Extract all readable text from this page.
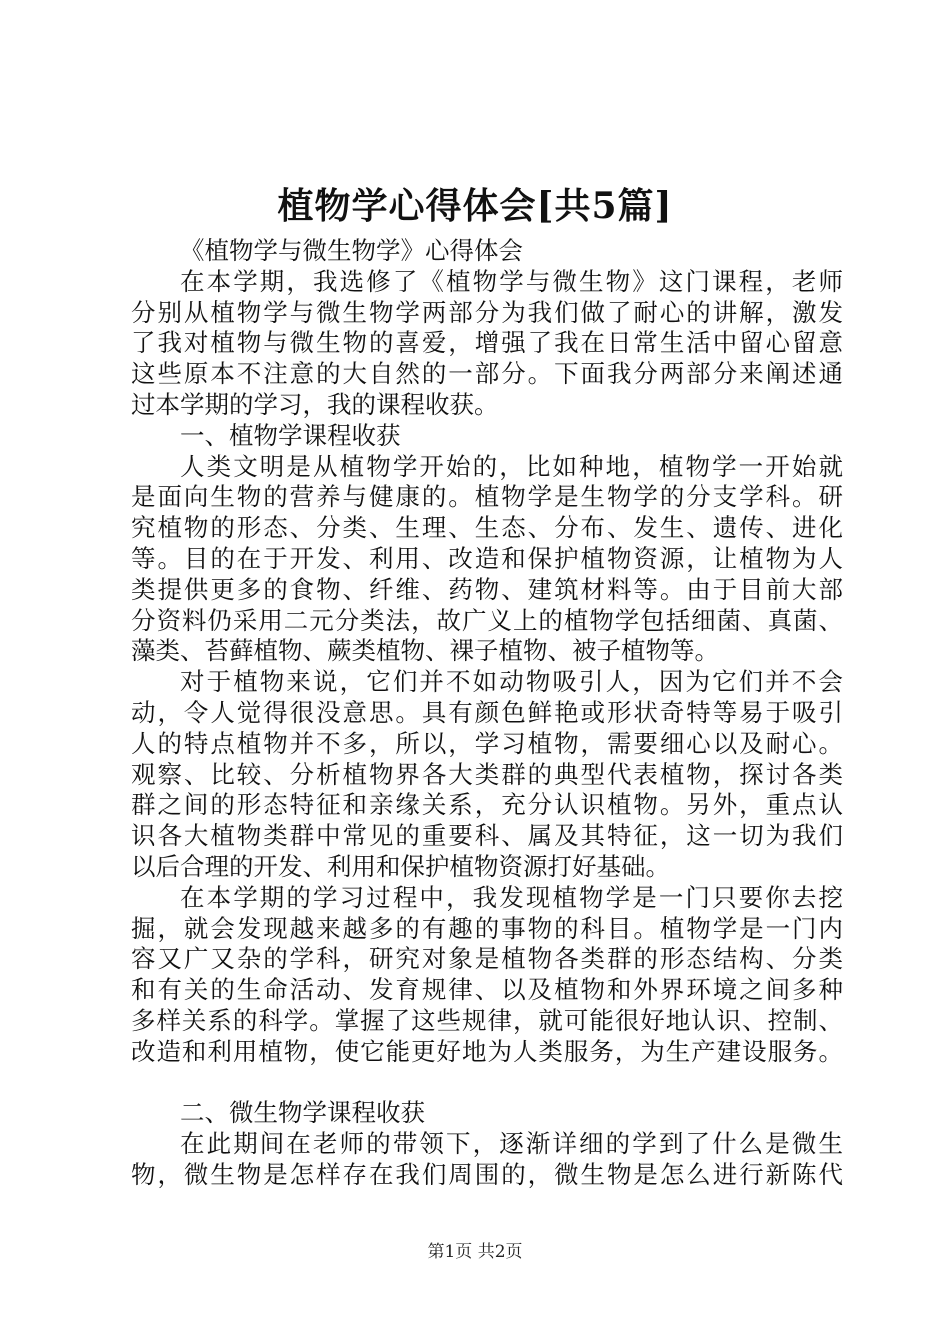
植物学心得体会[共5篇]
《植物学与微生物学》心得体会
在本学期，我选修了《植物学与微生物》这门课程，老师
分别从植物学与微生物学两部分为我们做了耐心的讲解，激发
了我对植物与微生物的喜爱，增强了我在日常生活中留心留意
这些原本不注意的大自然的一部分。下面我分两部分来阐述通
过本学期的学习，我的课程收获。
一、植物学课程收获
人类文明是从植物学开始的，比如种地，植物学一开始就
是面向生物的营养与健康的。植物学是生物学的分支学科。研
究植物的形态、分类、生理、生态、分布、发生、遗传、进化
等。目的在于开发、利用、改造和保护植物资源，让植物为人
类提供更多的食物、纤维、药物、建筑材料等。由于目前大部
分资料仍采用二元分类法，故广义上的植物学包括细菌、真菌、
藻类、苔藓植物、蕨类植物、裸子植物、被子植物等。
对于植物来说，它们并不如动物吸引人，因为它们并不会
动，令人觉得很没意思。具有颜色鲜艳或形状奇特等易于吸引
人的特点植物并不多，所以，学习植物，需要细心以及耐心。
观察、比较、分析植物界各大类群的典型代表植物，探讨各类
群之间的形态特征和亲缘关系，充分认识植物。另外，重点认
识各大植物类群中常见的重要科、属及其特征，这一切为我们
以后合理的开发、利用和保护植物资源打好基础。
在本学期的学习过程中，我发现植物学是一门只要你去挖
掘，就会发现越来越多的有趣的事物的科目。植物学是一门内
容又广又杂的学科，研究对象是植物各类群的形态结构、分类
和有关的生命活动、发育规律、以及植物和外界环境之间多种
多样关系的科学。掌握了这些规律，就可能很好地认识、控制、
改造和利用植物，使它能更好地为人类服务，为生产建设服务。
二、微生物学课程收获
在此期间在老师的带领下，逐渐详细的学到了什么是微生
物，微生物是怎样存在我们周围的，微生物是怎么进行新陈代
第1页 共2页
